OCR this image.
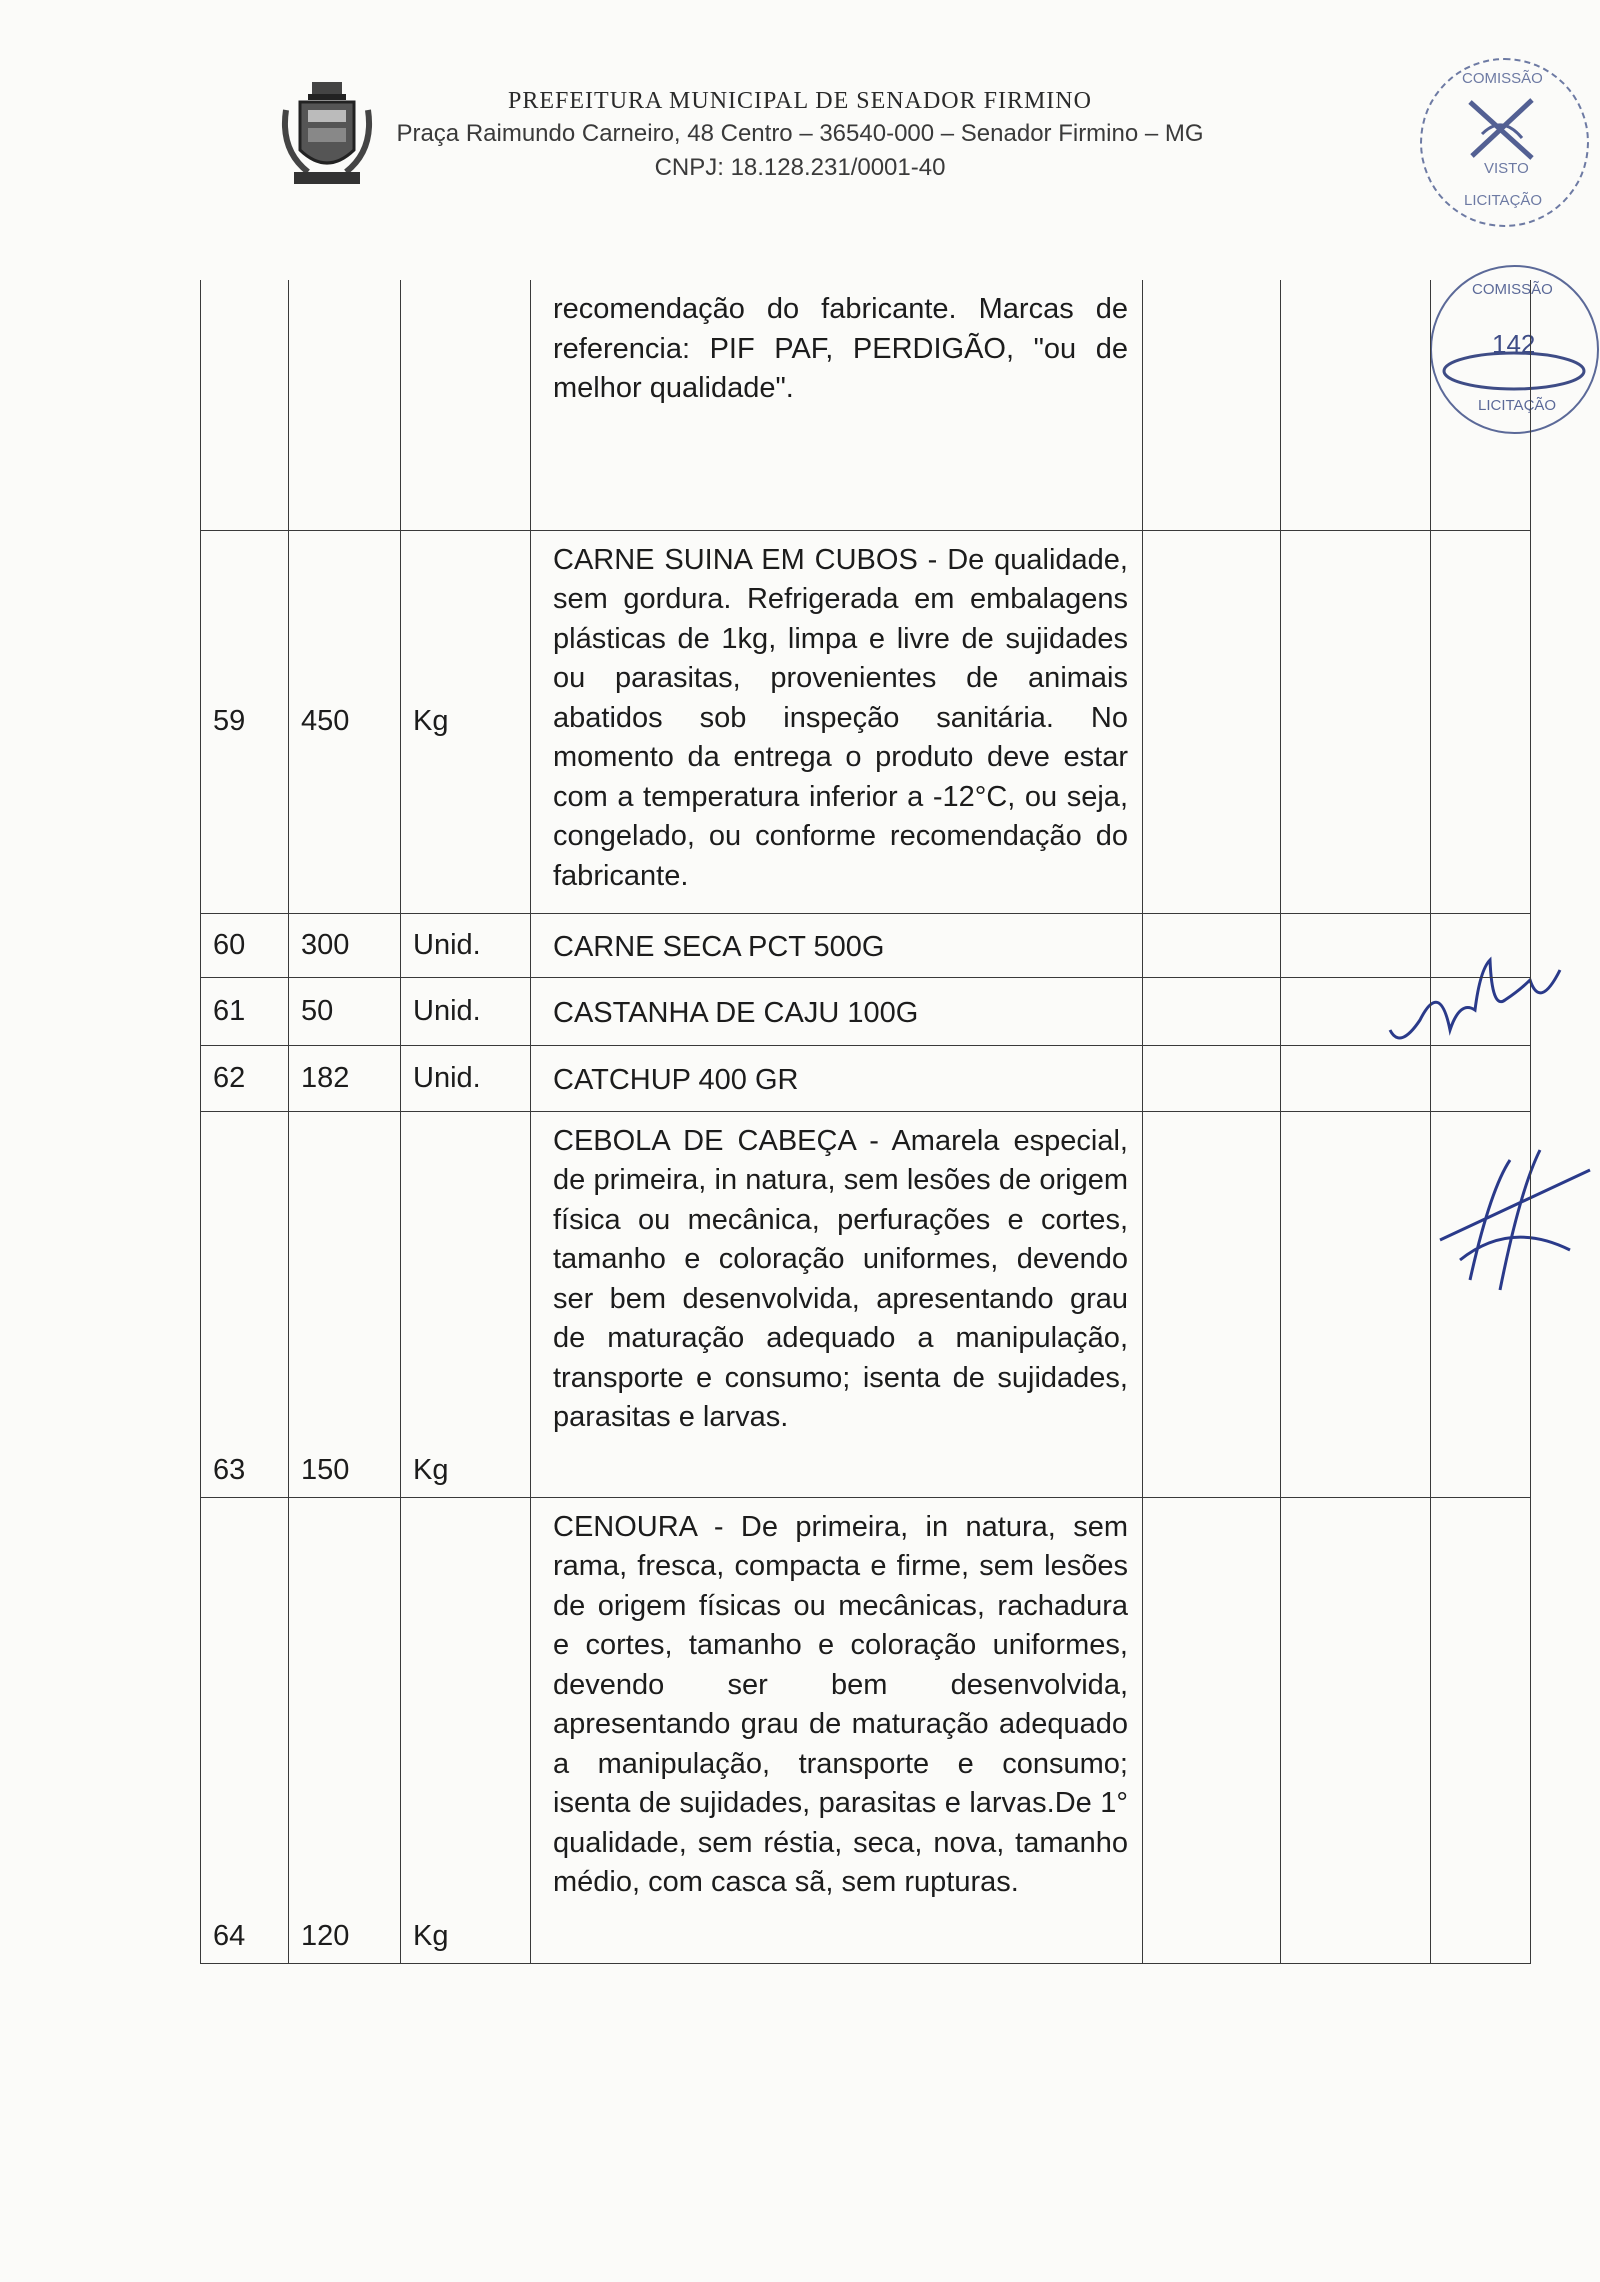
PREFEITURA MUNICIPAL DE SENADOR FIRMINO
Praça Raimundo Carneiro, 48 Centro – 36540-000 – Senador Firmino – MG
CNPJ: 18.128.231/0001-40
COMISSÃO
VISTO
LICITAÇÃO
COMISSÃO
142
LICITAÇÃO
			recomendação do fabricante. Marcas de referencia: PIF PAF, PERDIGÃO, "ou de melhor qualidade".			
59	450	Kg	CARNE SUINA EM CUBOS - De qualidade, sem gordura. Refrigerada em embalagens plásticas de 1kg, limpa e livre de sujidades ou parasitas, provenientes de animais abatidos sob inspeção sanitária. No momento da entrega o produto deve estar com a temperatura inferior a -12°C, ou seja, congelado, ou conforme recomendação do fabricante.			
60	300	Unid.	CARNE SECA PCT 500G			
61	50	Unid.	CASTANHA DE CAJU 100G			
62	182	Unid.	CATCHUP 400 GR			
63	150	Kg	CEBOLA DE CABEÇA - Amarela especial, de primeira, in natura, sem lesões de origem física ou mecânica, perfurações e cortes, tamanho e coloração uniformes, devendo ser bem desenvolvida, apresentando grau de maturação adequado a manipulação, transporte e consumo; isenta de sujidades, parasitas e larvas.			
64	120	Kg	CENOURA - De primeira, in natura, sem rama, fresca, compacta e firme, sem lesões de origem físicas ou mecânicas, rachadura e cortes, tamanho e coloração uniformes, devendo ser bem desenvolvida, apresentando grau de maturação adequado a manipulação, transporte e consumo; isenta de sujidades, parasitas e larvas.De 1° qualidade, sem réstia, seca, nova, tamanho médio, com casca sã, sem rupturas.			
